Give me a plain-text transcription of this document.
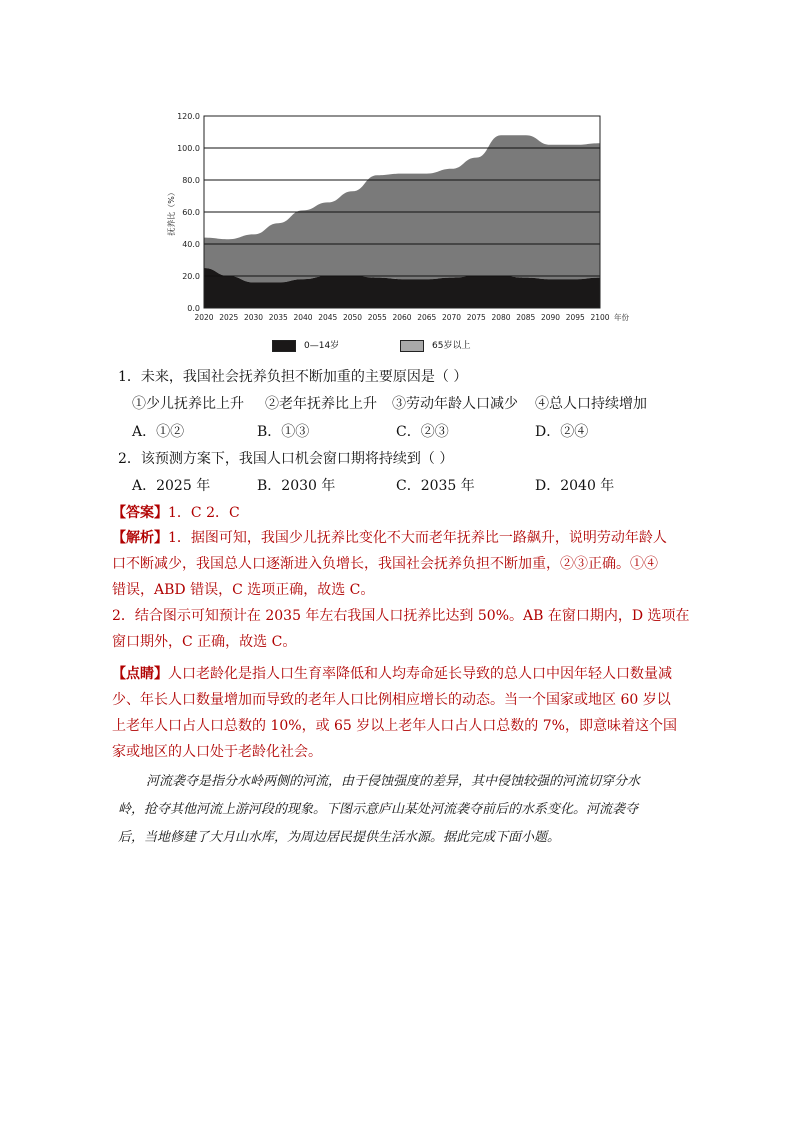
0.0
20.0
40.0
60.0
80.0
100.0
120.0
2020 2025 2030 2035 2040 2045 2050 2055 2060 2065 2070 2075 2080 2085 2090 2095 2100 年份
抚养比（%）
0—14岁	65岁以上
1．未来，我国社会抚养负担不断加重的主要原因是（ ）
①少儿抚养比上升 ②老年抚养比上升 ③劳动年龄人口减少 ④总人口持续增加
A．①②	B．①③	C．②③	D．②④
2．该预测方案下，我国人口机会窗口期将持续到（ ）
A．2025 年	B．2030 年	C．2035 年	D．2040 年
【答案】1．C 2．C
【解析】1．据图可知，我国少儿抚养比变化不大而老年抚养比一路飙升，说明劳动年龄人
口不断减少，我国总人口逐渐进入负增长，我国社会抚养负担不断加重，②③正确。①④
错误，ABD 错误，C 选项正确，故选 C。
2．结合图示可知预计在 2035 年左右我国人口抚养比达到 50%。AB 在窗口期内，D 选项在
窗口期外，C 正确，故选 C。
【点睛】人口老龄化是指人口生育率降低和人均寿命延长导致的总人口中因年轻人口数量减
少、年长人口数量增加而导致的老年人口比例相应增长的动态。当一个国家或地区 60 岁以
上老年人口占人口总数的 10%，或 65 岁以上老年人口占人口总数的 7%，即意味着这个国
家或地区的人口处于老龄化社会。
河流袭夺是指分水岭两侧的河流，由于侵蚀强度的差异，其中侵蚀较强的河流切穿分水
岭，抢夺其他河流上游河段的现象。下图示意庐山某处河流袭夺前后的水系变化。河流袭夺
后，当地修建了大月山水库，为周边居民提供生活水源。据此完成下面小题。
